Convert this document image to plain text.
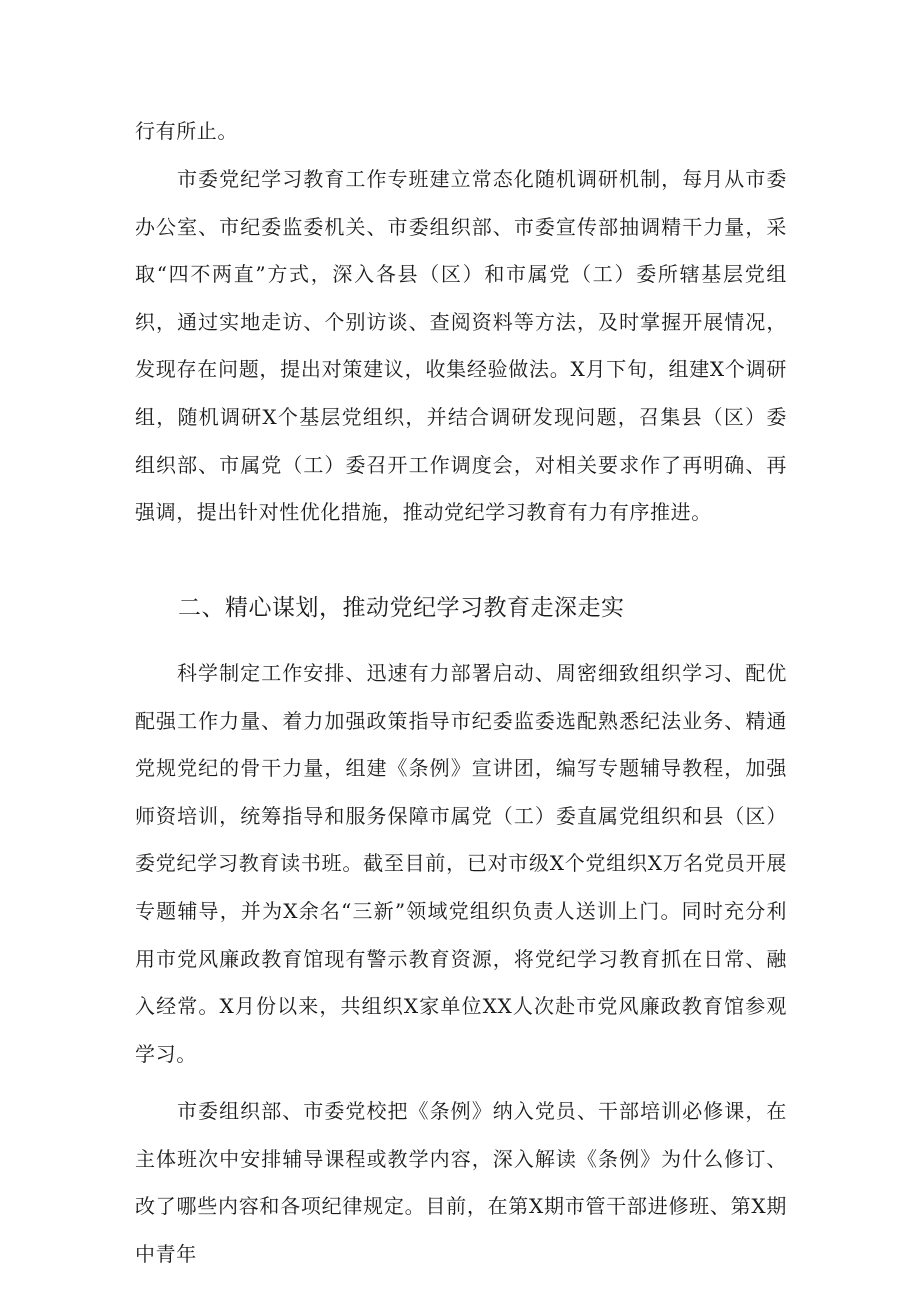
行有所止。

市委党纪学习教育工作专班建立常态化随机调研机制，每月从市委办公室、市纪委监委机关、市委组织部、市委宣传部抽调精干力量，采取“四不两直”方式，深入各县（区）和市属党（工）委所辖基层党组织，通过实地走访、个别访谈、查阅资料等方法，及时掌握开展情况，发现存在问题，提出对策建议，收集经验做法。X月下旬，组建X个调研组，随机调研X个基层党组织，并结合调研发现问题，召集县（区）委组织部、市属党（工）委召开工作调度会，对相关要求作了再明确、再强调，提出针对性优化措施，推动党纪学习教育有力有序推进。

二、精心谋划，推动党纪学习教育走深走实

科学制定工作安排、迅速有力部署启动、周密细致组织学习、配优配强工作力量、着力加强政策指导市纪委监委选配熟悉纪法业务、精通党规党纪的骨干力量，组建《条例》宣讲团，编写专题辅导教程，加强师资培训，统筹指导和服务保障市属党（工）委直属党组织和县（区）委党纪学习教育读书班。截至目前，已对市级X个党组织X万名党员开展专题辅导，并为X余名“三新”领域党组织负责人送训上门。同时充分利用市党风廉政教育馆现有警示教育资源，将党纪学习教育抓在日常、融入经常。X月份以来，共组织X家单位XX人次赴市党风廉政教育馆参观学习。

市委组织部、市委党校把《条例》纳入党员、干部培训必修课，在主体班次中安排辅导课程或教学内容，深入解读《条例》为什么修订、改了哪些内容和各项纪律规定。目前，在第X期市管干部进修班、第X期中青年
